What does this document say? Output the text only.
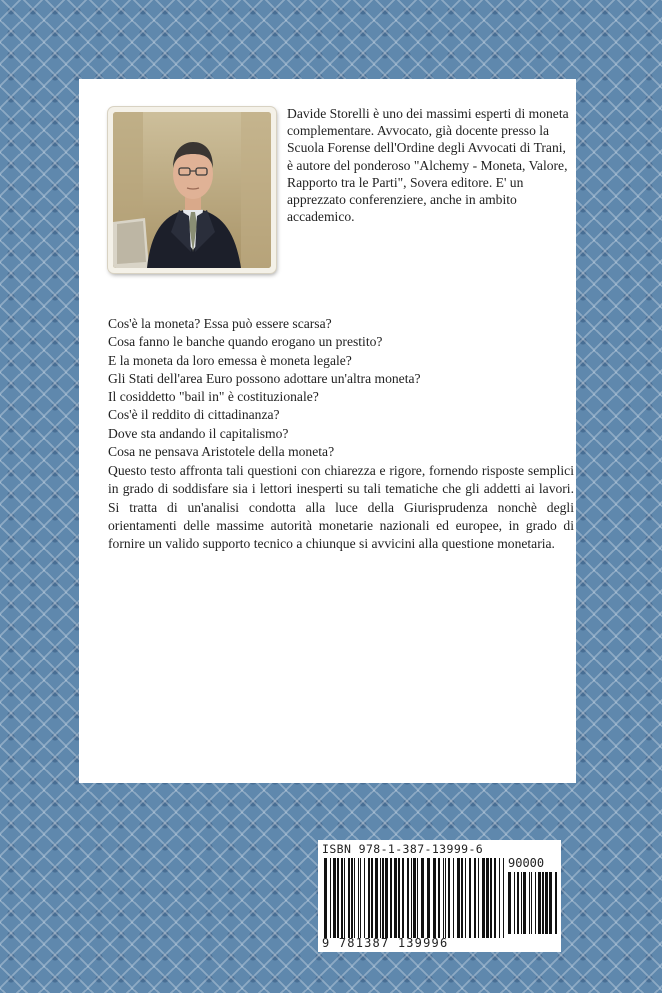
Davide Storelli è uno dei massimi esperti di moneta complementare. Avvocato, già docente presso la Scuola Forense dell'Ordine degli Avvocati di Trani, è autore del ponderoso "Alchemy - Moneta, Valore, Rapporto tra le Parti", Sovera editore. E' un apprezzato conferenziere, anche in ambito accademico.
Cos'è la moneta? Essa può essere scarsa?
Cosa fanno le banche quando erogano un prestito?
E la moneta da loro emessa è moneta legale?
Gli Stati dell'area Euro possono adottare un'altra moneta?
Il cosiddetto "bail in" è costituzionale?
Cos'è il reddito di cittadinanza?
Dove sta andando il capitalismo?
Cosa ne pensava Aristotele della moneta?
Questo testo affronta tali questioni con chiarezza e rigore, fornendo risposte semplici in grado di soddisfare sia i lettori inesperti su tali tematiche che gli addetti ai lavori. Si tratta di un'analisi condotta alla luce della Giurisprudenza nonchè degli orientamenti delle massime autorità monetarie nazionali ed europee, in grado di fornire un valido supporto tecnico a chiunque si avvicini alla questione monetaria.
ISBN 978-1-387-13999-6
90000
9 781387 139996
